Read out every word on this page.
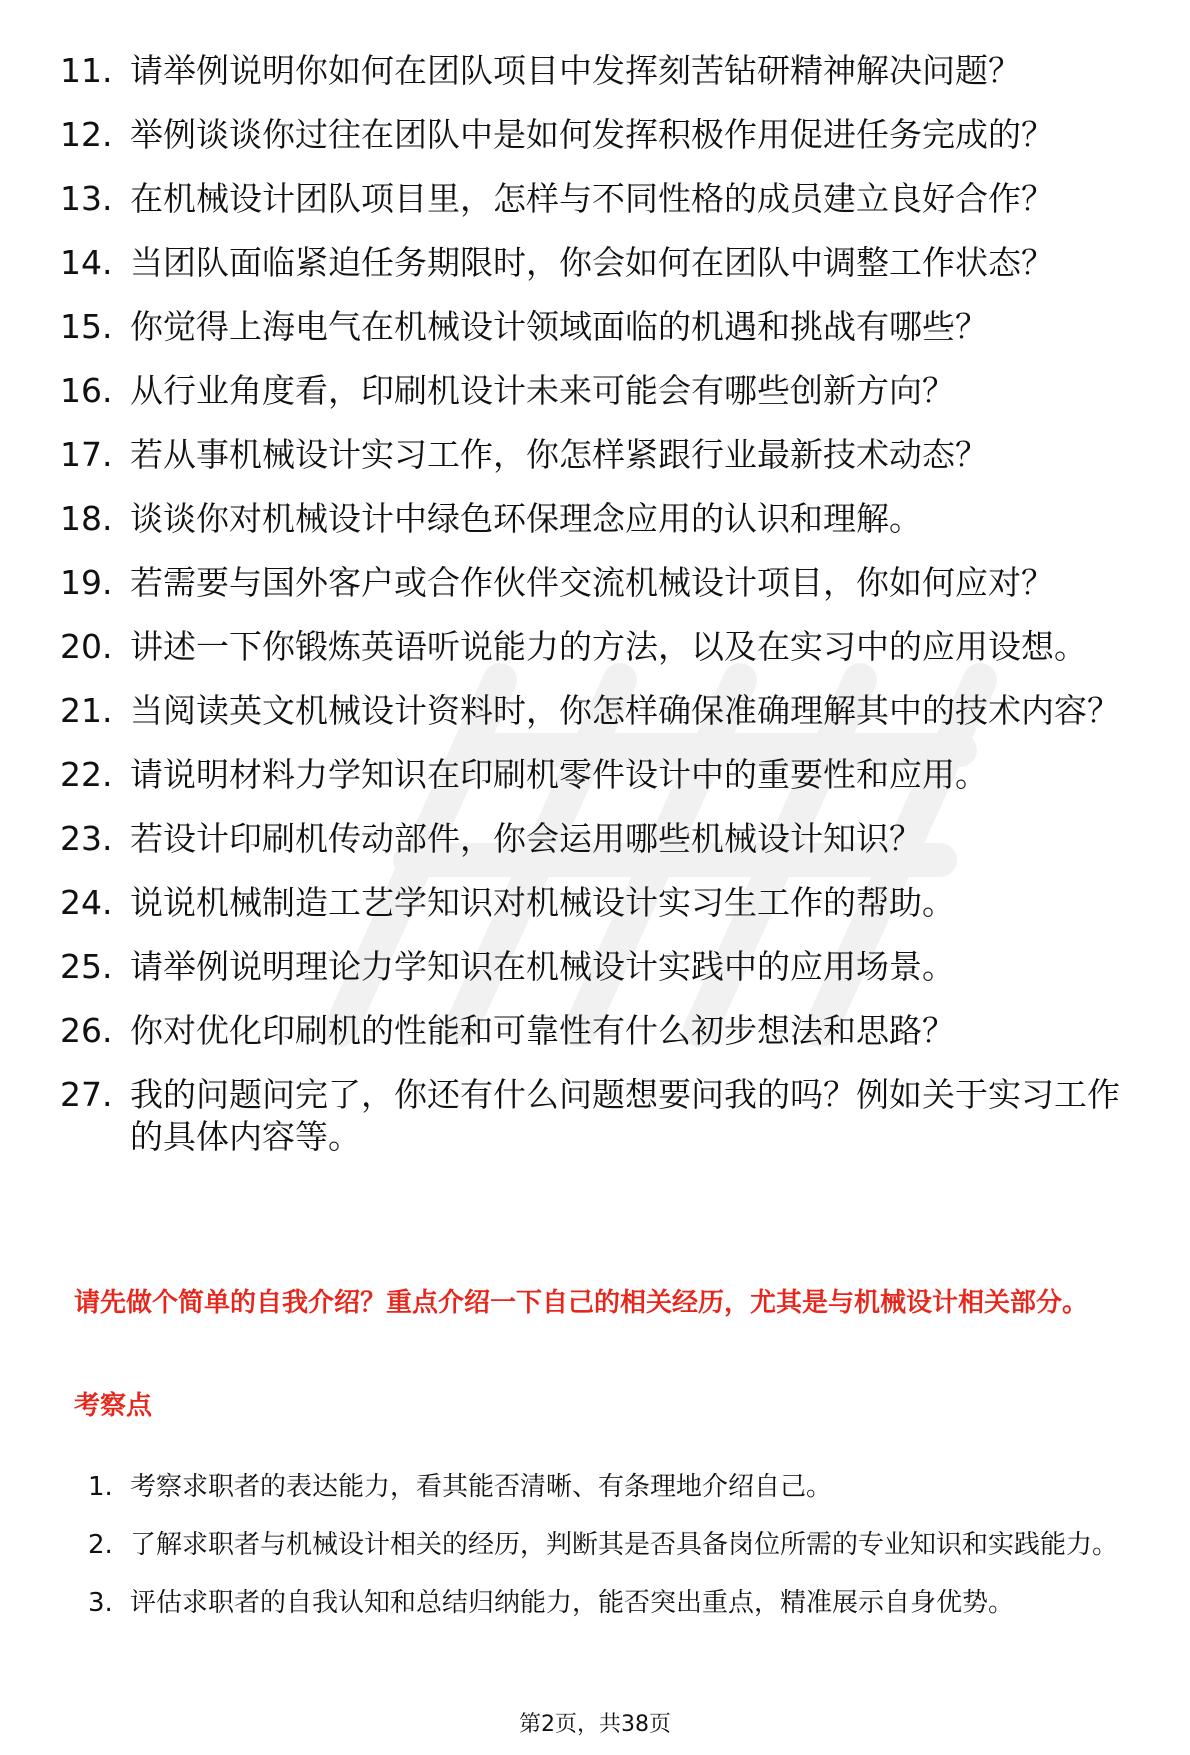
11. 请举例说明你如何在团队项目中发挥刻苦钻研精神解决问题？
12. 举例谈谈你过往在团队中是如何发挥积极作用促进任务完成的？
13. 在机械设计团队项目里，怎样与不同性格的成员建立良好合作？
14. 当团队面临紧迫任务期限时，你会如何在团队中调整工作状态？
15. 你觉得上海电气在机械设计领域面临的机遇和挑战有哪些？
16. 从行业角度看，印刷机设计未来可能会有哪些创新方向？
17. 若从事机械设计实习工作，你怎样紧跟行业最新技术动态？
18. 谈谈你对机械设计中绿色环保理念应用的认识和理解。
19. 若需要与国外客户或合作伙伴交流机械设计项目，你如何应对？
20. 讲述一下你锻炼英语听说能力的方法，以及在实习中的应用设想。
21. 当阅读英文机械设计资料时，你怎样确保准确理解其中的技术内容？
22. 请说明材料力学知识在印刷机零件设计中的重要性和应用。
23. 若设计印刷机传动部件，你会运用哪些机械设计知识？
24. 说说机械制造工艺学知识对机械设计实习生工作的帮助。
25. 请举例说明理论力学知识在机械设计实践中的应用场景。
26. 你对优化印刷机的性能和可靠性有什么初步想法和思路？
27. 我的问题问完了，你还有什么问题想要问我的吗？例如关于实习工作的具体内容等。
请先做个简单的自我介绍？重点介绍一下自己的相关经历，尤其是与机械设计相关部分。
考察点
1. 考察求职者的表达能力，看其能否清晰、有条理地介绍自己。
2. 了解求职者与机械设计相关的经历，判断其是否具备岗位所需的专业知识和实践能力。
3. 评估求职者的自我认知和总结归纳能力，能否突出重点，精准展示自身优势。
第2页，共38页
